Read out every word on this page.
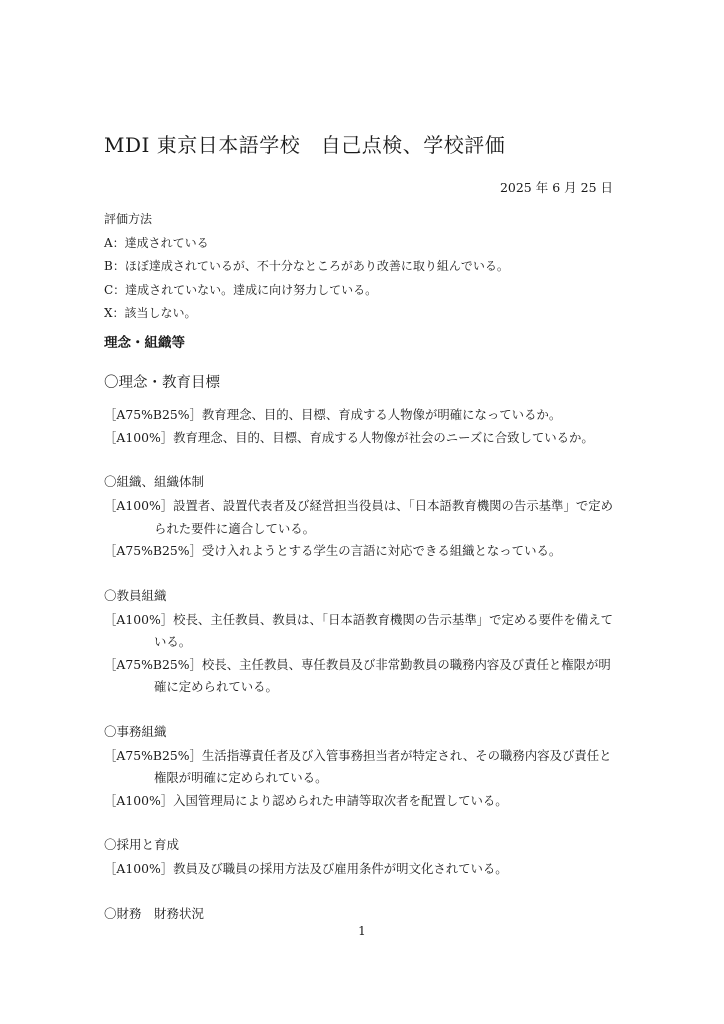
MDI 東京日本語学校　自己点検、学校評価
2025 年 6 月 25 日
評価方法
A：達成されている
B：ほぼ達成されているが、不十分なところがあり改善に取り組んでいる。
C：達成されていない。達成に向け努力している。
X：該当しない。
理念・組織等
〇理念・教育目標
［A75%B25%］教育理念、目的、目標、育成する人物像が明確になっているか。
［A100%］教育理念、目的、目標、育成する人物像が社会のニーズに合致しているか。
〇組織、組織体制
［A100%］設置者、設置代表者及び経営担当役員は、「日本語教育機関の告示基準」で定め
られた要件に適合している。
［A75%B25%］受け入れようとする学生の言語に対応できる組織となっている。
〇教員組織
［A100%］校長、主任教員、教員は、「日本語教育機関の告示基準」で定める要件を備えて
いる。
［A75%B25%］校長、主任教員、専任教員及び非常勤教員の職務内容及び責任と権限が明
確に定められている。
〇事務組織
［A75%B25%］生活指導責任者及び入管事務担当者が特定され、その職務内容及び責任と
権限が明確に定められている。
［A100%］入国管理局により認められた申請等取次者を配置している。
〇採用と育成
［A100%］教員及び職員の採用方法及び雇用条件が明文化されている。
〇財務　財務状況
1
